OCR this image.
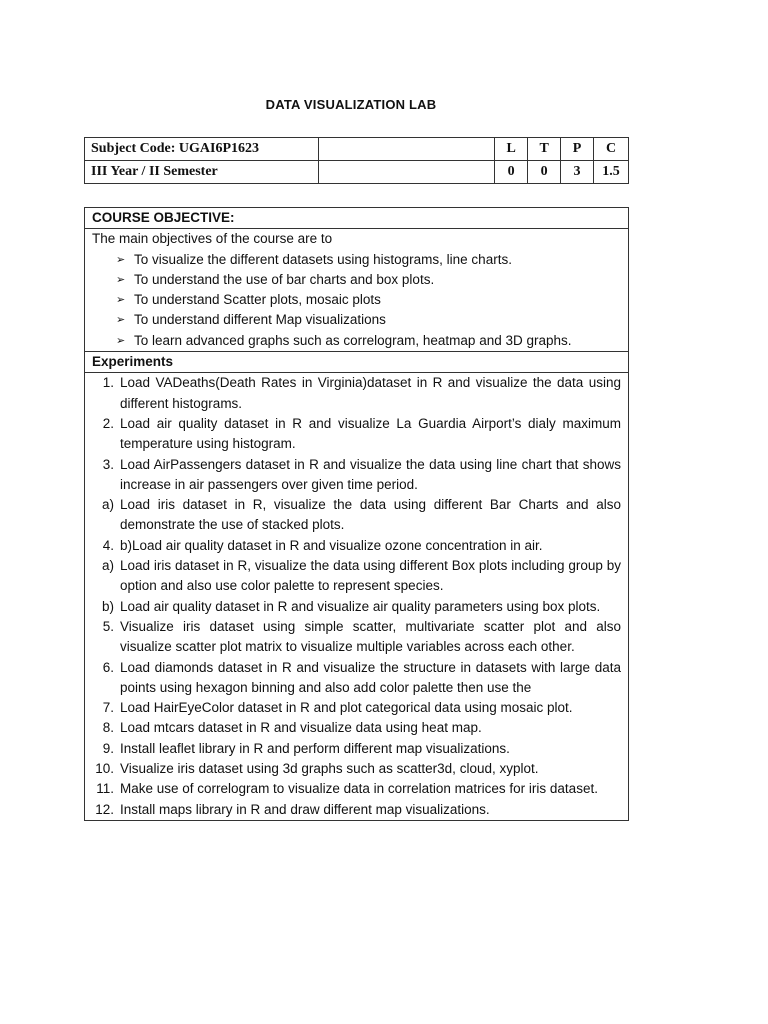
DATA VISUALIZATION LAB
Subject Code: UGAI6P1623		L	T	P	C
III Year / II Semester		0	0	3	1.5
COURSE OBJECTIVE:
The main objectives of the course are to
➢ To visualize the different datasets using histograms, line charts.
➢ To understand the use of bar charts and box plots.
➢ To understand Scatter plots, mosaic plots
➢ To understand different Map visualizations
➢ To learn advanced graphs such as correlogram, heatmap and 3D graphs.
Experiments
1. Load VADeaths(Death Rates in Virginia)dataset in R and visualize the data using different histograms.
2. Load air quality dataset in R and visualize La Guardia Airport’s dialy maximum temperature using histogram.
3. Load AirPassengers dataset in R and visualize the data using line chart that shows increase in air passengers over given time period.
a) Load iris dataset in R, visualize the data using different Bar Charts and also demonstrate the use of stacked plots.
4. b)Load air quality dataset in R and visualize ozone concentration in air.
a) Load iris dataset in R, visualize the data using different Box plots including group by option and also use color palette to represent species.
b) Load air quality dataset in R and visualize air quality parameters using box plots.
5. Visualize iris dataset using simple scatter, multivariate scatter plot and also visualize scatter plot matrix to visualize multiple variables across each other.
6. Load diamonds dataset in R and visualize the structure in datasets with large data points using hexagon binning and also add color palette then use the
7. Load HairEyeColor dataset in R and plot categorical data using mosaic plot.
8. Load mtcars dataset in R and visualize data using heat map.
9. Install leaflet library in R and perform different map visualizations.
10. Visualize iris dataset using 3d graphs such as scatter3d, cloud, xyplot.
11. Make use of correlogram to visualize data in correlation matrices for iris dataset.
12. Install maps library in R and draw different map visualizations.
